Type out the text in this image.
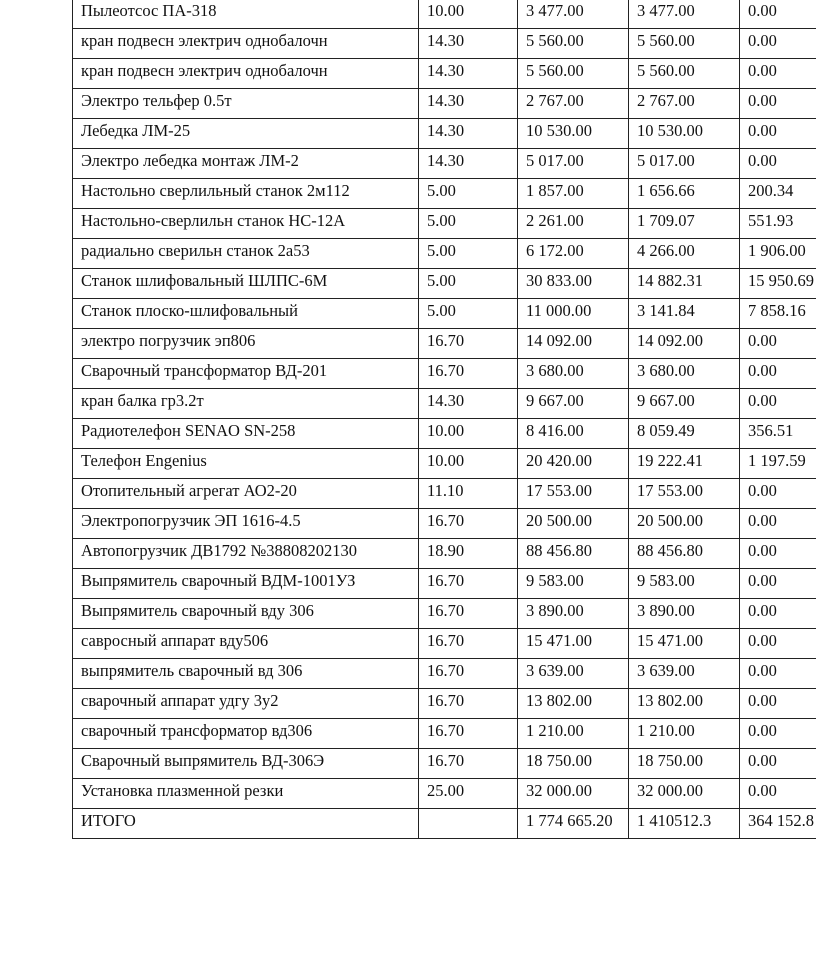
Пылеотсос ПА-318	10.00	3 477.00	3 477.00	0.00
кран подвесн электрич однобалочн	14.30	5 560.00	5 560.00	0.00
кран подвесн электрич однобалочн	14.30	5 560.00	5 560.00	0.00
Электро тельфер 0.5т	14.30	2 767.00	2 767.00	0.00
Лебедка ЛМ-25	14.30	10 530.00	10 530.00	0.00
Электро лебедка монтаж ЛМ-2	14.30	5 017.00	5 017.00	0.00
Настольно сверлильный станок 2м112	5.00	1 857.00	1 656.66	200.34
Настольно-сверлильн станок НС-12А	5.00	2 261.00	1 709.07	551.93
радиально сверильн станок 2а53	5.00	6 172.00	4 266.00	1 906.00
Станок шлифовальный ШЛПС-6М	5.00	30 833.00	14 882.31	15 950.69
Станок плоско-шлифовальный	5.00	11 000.00	3 141.84	7 858.16
электро погрузчик эп806	16.70	14 092.00	14 092.00	0.00
Сварочный трансформатор ВД-201	16.70	3 680.00	3 680.00	0.00
кран балка гр3.2т	14.30	9 667.00	9 667.00	0.00
Радиотелефон SENAO SN-258	10.00	8 416.00	8 059.49	356.51
Телефон Engenius	10.00	20 420.00	19 222.41	1 197.59
Отопительный агрегат АО2-20	11.10	17 553.00	17 553.00	0.00
Электропогрузчик ЭП 1616-4.5	16.70	20 500.00	20 500.00	0.00
Автопогрузчик ДВ1792 №38808202130	18.90	88 456.80	88 456.80	0.00
Выпрямитель сварочный ВДМ-1001УЗ	16.70	9 583.00	9 583.00	0.00
Выпрямитель сварочный вду 306	16.70	3 890.00	3 890.00	0.00
савросный аппарат вду506	16.70	15 471.00	15 471.00	0.00
выпрямитель сварочный вд 306	16.70	3 639.00	3 639.00	0.00
сварочный аппарат удгу 3у2	16.70	13 802.00	13 802.00	0.00
сварочный трансформатор вд306	16.70	1 210.00	1 210.00	0.00
Сварочный выпрямитель ВД-306Э	16.70	18 750.00	18 750.00	0.00
Установка плазменной резки	25.00	32 000.00	32 000.00	0.00
ИТОГО		1 774 665.20	1 410512.3	364 152.8
